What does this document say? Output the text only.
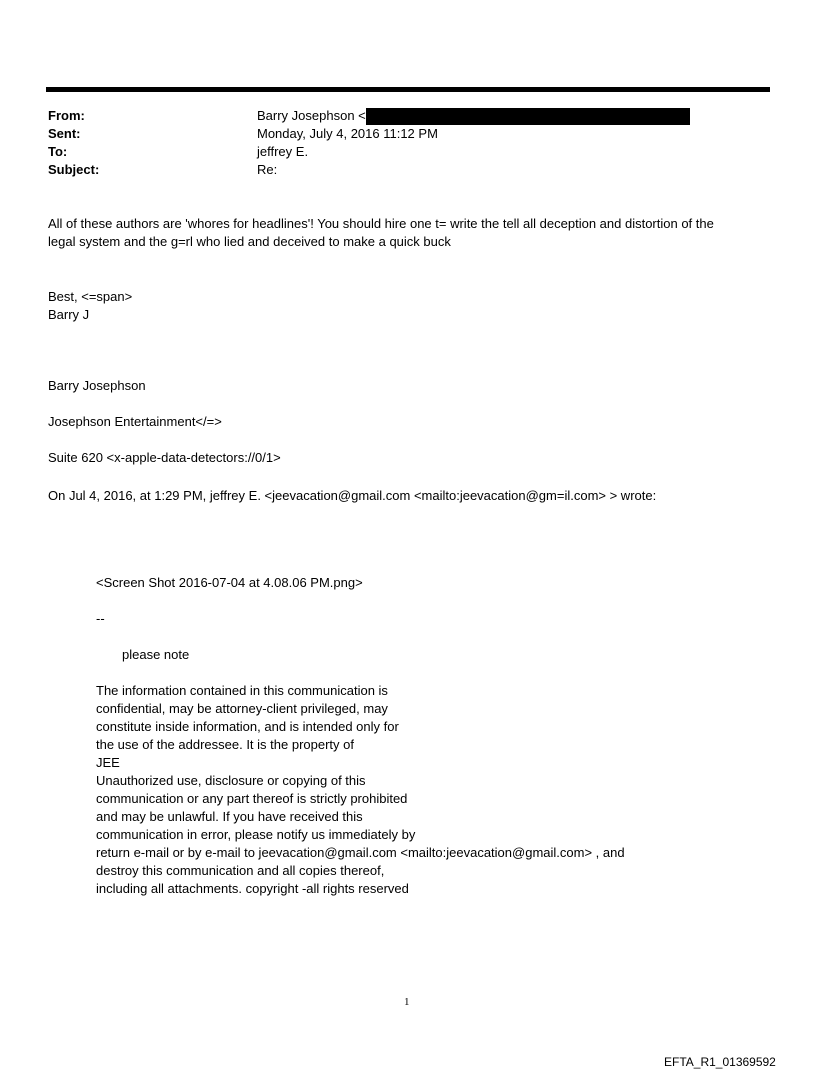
From:	Barry Josephson <
Sent:	Monday, July 4, 2016 11:12 PM
To:	jeffrey E.
Subject:	Re:
All of these authors are 'whores for headlines'! You should hire one t= write the tell all deception and distortion of the
legal system and the g=rl who lied and deceived to make a quick buck
Best, <=span>
Barry J
Barry Josephson
Josephson Entertainment</=>
Suite 620 <x-apple-data-detectors://0/1>
On Jul 4, 2016, at 1:29 PM, jeffrey E. <jeevacation@gmail.com <mailto:jeevacation@gm=il.com> > wrote:
<Screen Shot 2016-07-04 at 4.08.06 PM.png>
--
please note
The information contained in this communication is
confidential, may be attorney-client privileged, may
constitute inside information, and is intended only for
the use of the addressee. It is the property of
JEE
Unauthorized use, disclosure or copying of this
communication or any part thereof is strictly prohibited
and may be unlawful. If you have received this
communication in error, please notify us immediately by
return e-mail or by e-mail to jeevacation@gmail.com <mailto:jeevacation@gmail.com> , and
destroy this communication and all copies thereof,
including all attachments. copyright -all rights reserved
1
EFTA_R1_01369592
